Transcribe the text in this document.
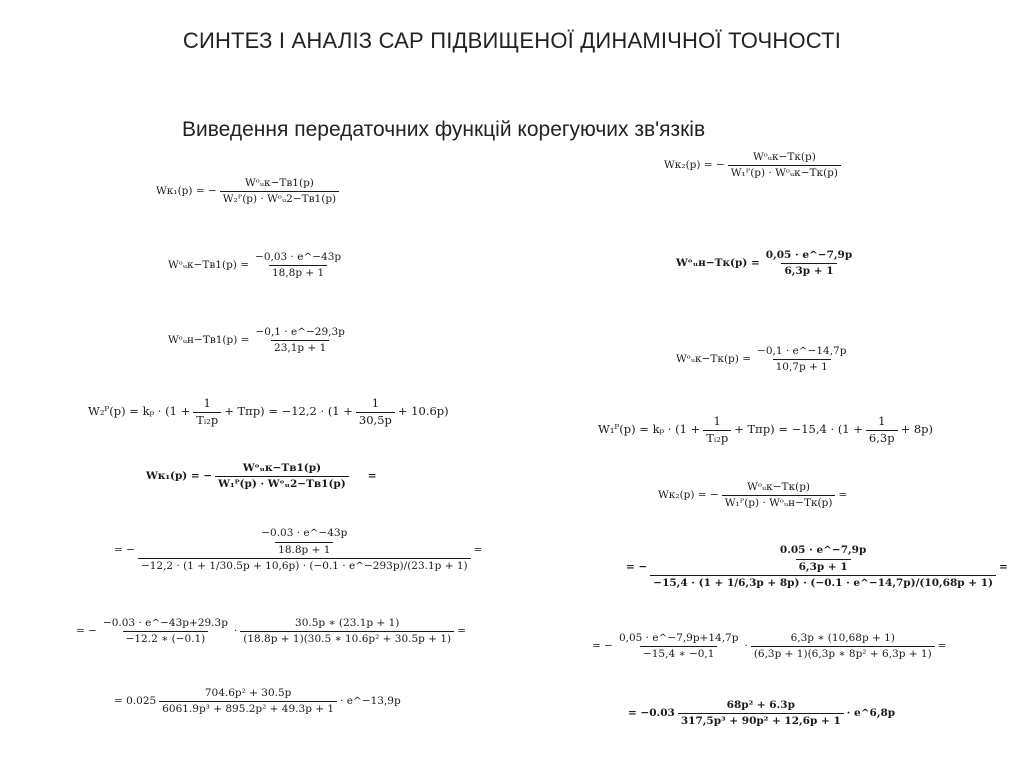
СИНТЕЗ І АНАЛІЗ САР ПІДВИЩЕНОЇ ДИНАМІЧНОЇ ТОЧНОСТІ
Виведення передаточних функцій корегуючих зв'язків
Wк₁(p) = − $\frac{\text{Wᵒᵤк−Tв1(p)}}{\text{W₂ᴾ(p) · Wᵒᵤ2−Tв1(p)}}$
Wᵒᵤк−Tв1(p) = $\frac{-0,03 \cdot e\^{}-43p}{18,8p + 1}$
Wᵒᵤн−Tв1(p) = $\frac{-0,1 \cdot e\^{}-29,3p}{23,1p + 1}$
W₂ᴾ(p) = $k_p \cdot (1 + \frac{1}{\text{Tᵢ₂p}} + Tпр) = -12,2 \cdot (1 + \frac{1}{30,5p} + 10.6p)$
Wк₁(p) = − $\frac{\text{Wᵒᵤк−Tв1(p)}}{\text{W₁ᴾ(p) · Wᵒᵤ2−Tв1(p)}}$ =
= − $\frac{\frac{-0.03 \cdot e\^{}-43p}{18.8p + 1}}{-12,2 \cdot (1 + 1/30.5p + 10,6p) \cdot (-0.1 \cdot e\^{}-293p)/(23.1p + 1)}$ =
= − $\frac{-0.03 \cdot e\^{}-43p+29.3p}{-12.2 ∗ (-0.1)} \cdot \frac{30.5p ∗ (23.1p + 1)}{\text{(18.8p + 1)(30.5 ∗ 10.6p² + 30.5p + 1)}}$ =
= $0.025 \frac{\text{704.6p² + 30.5p}}{\text{6061.9p³ + 895.2p² + 49.3p + 1}}$ · e^−13,9p
Wк₂(p) = − $\frac{\text{Wᵒᵤк−Tк(p)}}{\text{W₁ᴾ(p) · Wᵒᵤк−Tк(p)}}$
Wᵒᵤн−Tк(p) = $\frac{0,05 \cdot e\^{}-7,9p}{6,3p + 1}$
Wᵒᵤк−Tк(p) = $\frac{-0,1 \cdot e\^{}-14,7p}{10,7p + 1}$
W₁ᴾ(p) = $k_p \cdot (1 + \frac{1}{\text{Tᵢ₂p}} + Tпр) = -15,4 \cdot (1 + \frac{1}{6,3p} + 8p)$
Wк₂(p) = − $\frac{\text{Wᵒᵤк−Tк(p)}}{\text{W₁ᴾ(p) · Wᵒᵤн−Tк(p)}}$ =
= − $\frac{\frac{0.05 \cdot e\^{}-7,9p}{6,3p + 1}}{-15,4 \cdot (1 + 1/6,3p + 8p) \cdot (-0.1 \cdot e\^{}-14,7p)/(10,68p + 1)}$ =
= − $\frac{0,05 \cdot e\^{}-7,9p+14,7p}{-15,4 ∗ -0,1} \cdot \frac{6,3p ∗ (10,68p + 1)}{\text{(6,3p + 1)(6,3p ∗ 8p² + 6,3p + 1)}}$ =
= $-0.03 \frac{\text{68p² + 6.3p}}{\text{317,5p³ + 90p² + 12,6p + 1}}$ · e^6,8p
